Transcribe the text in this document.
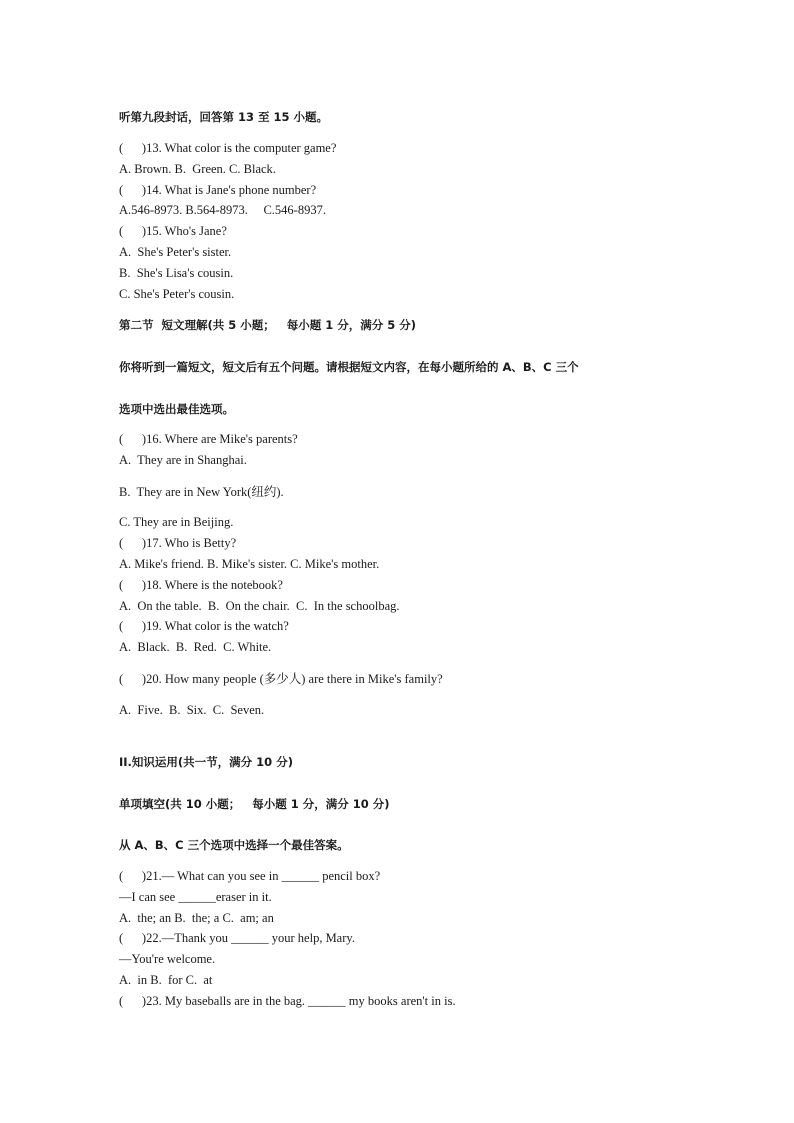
听第九段封话，回答第 13 至 15 小题。
(      )13. What color is the computer game?
A. Brown. B.  Green. C. Black.
(      )14. What is Jane's phone number?
A.546-8973. B.564-8973.     C.546-8937.
(      )15. Who's Jane?
A.  She's Peter's sister.
B.  She's Lisa's cousin.
C. She's Peter's cousin.
第二节  短文理解(共 5 小题；   每小题 1 分，满分 5 分)
你将听到一篇短文，短文后有五个问题。请根据短文内容，在每小题所给的 A、B、C 三个
选项中选出最佳选项。
(      )16. Where are Mike's parents?
A.  They are in Shanghai.
B.  They are in New York(纽约).
C. They are in Beijing.
(      )17. Who is Betty?
A. Mike's friend. B. Mike's sister. C. Mike's mother.
(      )18. Where is the notebook?
A.  On the table.  B.  On the chair.  C.  In the schoolbag.
(      )19. What color is the watch?
A.  Black.  B.  Red.  C. White.
(      )20. How many people (多少人) are there in Mike's family?
A.  Five.  B.  Six.  C.  Seven.
II.知识运用(共一节，满分 10 分)
单项填空(共 10 小题；   每小题 1 分，满分 10 分)
从 A、B、C 三个选项中选择一个最佳答案。
(      )21.— What can you see in ______ pencil box?
—I can see ______eraser in it.
A.  the; an B.  the; a C.  am; an
(      )22.—Thank you ______ your help, Mary.
—You're welcome.
A.  in B.  for C.  at
(      )23. My baseballs are in the bag. ______ my books aren't in is.
